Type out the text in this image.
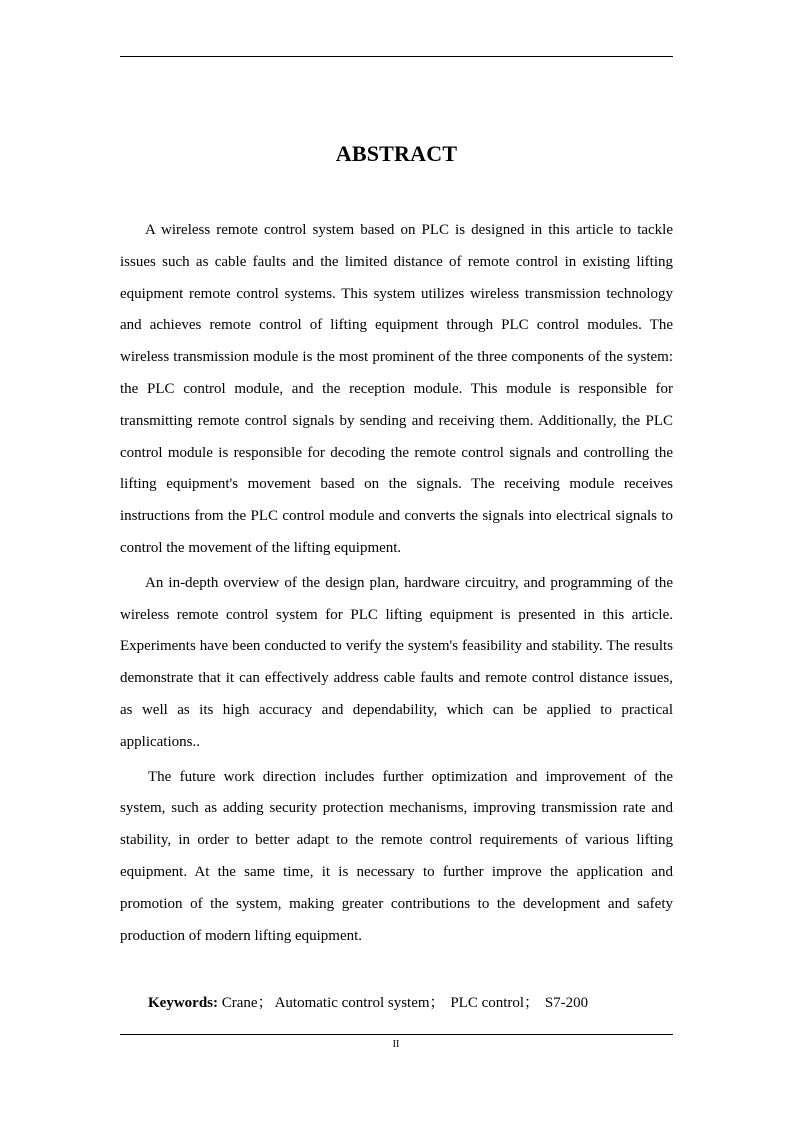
ABSTRACT

A wireless remote control system based on PLC is designed in this article to tackle issues such as cable faults and the limited distance of remote control in existing lifting equipment remote control systems. This system utilizes wireless transmission technology and achieves remote control of lifting equipment through PLC control modules. The wireless transmission module is the most prominent of the three components of the system: the PLC control module, and the reception module. This module is responsible for transmitting remote control signals by sending and receiving them. Additionally, the PLC control module is responsible for decoding the remote control signals and controlling the lifting equipment's movement based on the signals. The receiving module receives instructions from the PLC control module and converts the signals into electrical signals to control the movement of the lifting equipment.

An in-depth overview of the design plan, hardware circuitry, and programming of the wireless remote control system for PLC lifting equipment is presented in this article. Experiments have been conducted to verify the system's feasibility and stability. The results demonstrate that it can effectively address cable faults and remote control distance issues, as well as its high accuracy and dependability, which can be applied to practical applications..

The future work direction includes further optimization and improvement of the system, such as adding security protection mechanisms, improving transmission rate and stability, in order to better adapt to the remote control requirements of various lifting equipment. At the same time, it is necessary to further improve the application and promotion of the system, making greater contributions to the development and safety production of modern lifting equipment.

Keywords: Crane； Automatic control system； PLC control； S7-200
II
